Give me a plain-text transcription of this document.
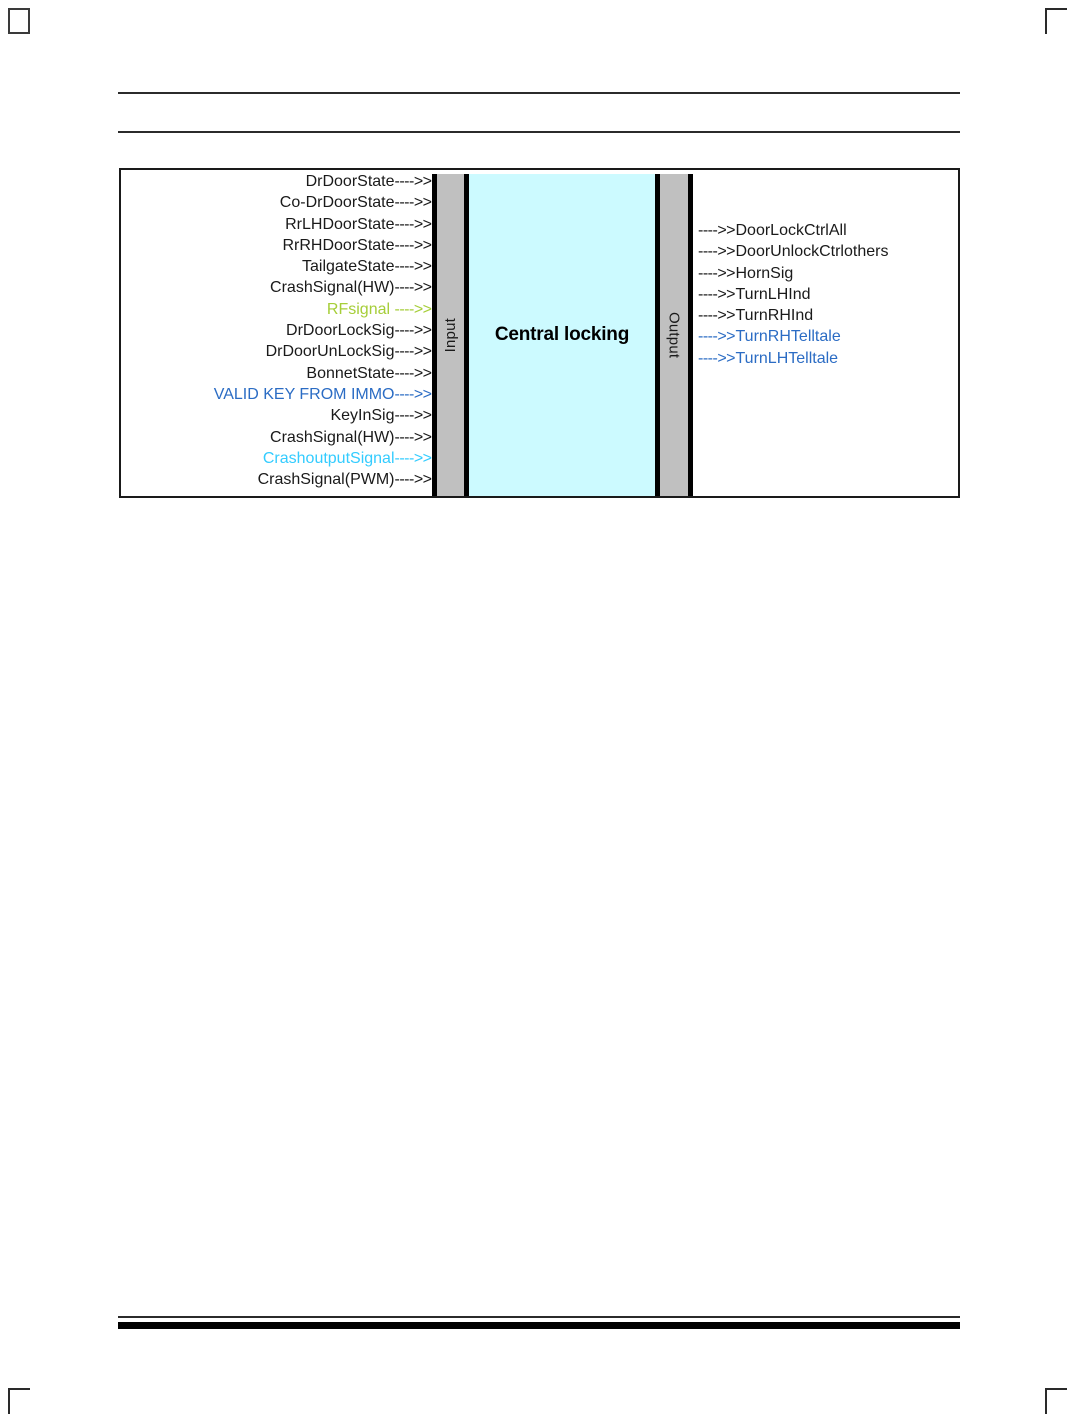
DrDoorState---->>
Co-DrDoorState---->>
RrLHDoorState---->>
RrRHDoorState---->>
TailgateState---->>
CrashSignal(HW)---->>
RFsignal ---->>
DrDoorLockSig---->>
DrDoorUnLockSig---->>
BonnetState---->>
VALID KEY FROM IMMO---->>
KeyInSig---->>
CrashSignal(HW)---->>
CrashoutputSignal---->>
CrashSignal(PWM)---->>
Input Central locking Output
---->>DoorLockCtrlAll
---->>DoorUnlockCtrlothers
---->>HornSig
---->>TurnLHInd
---->>TurnRHInd
---->>TurnRHTelltale
---->>TurnLHTelltale
